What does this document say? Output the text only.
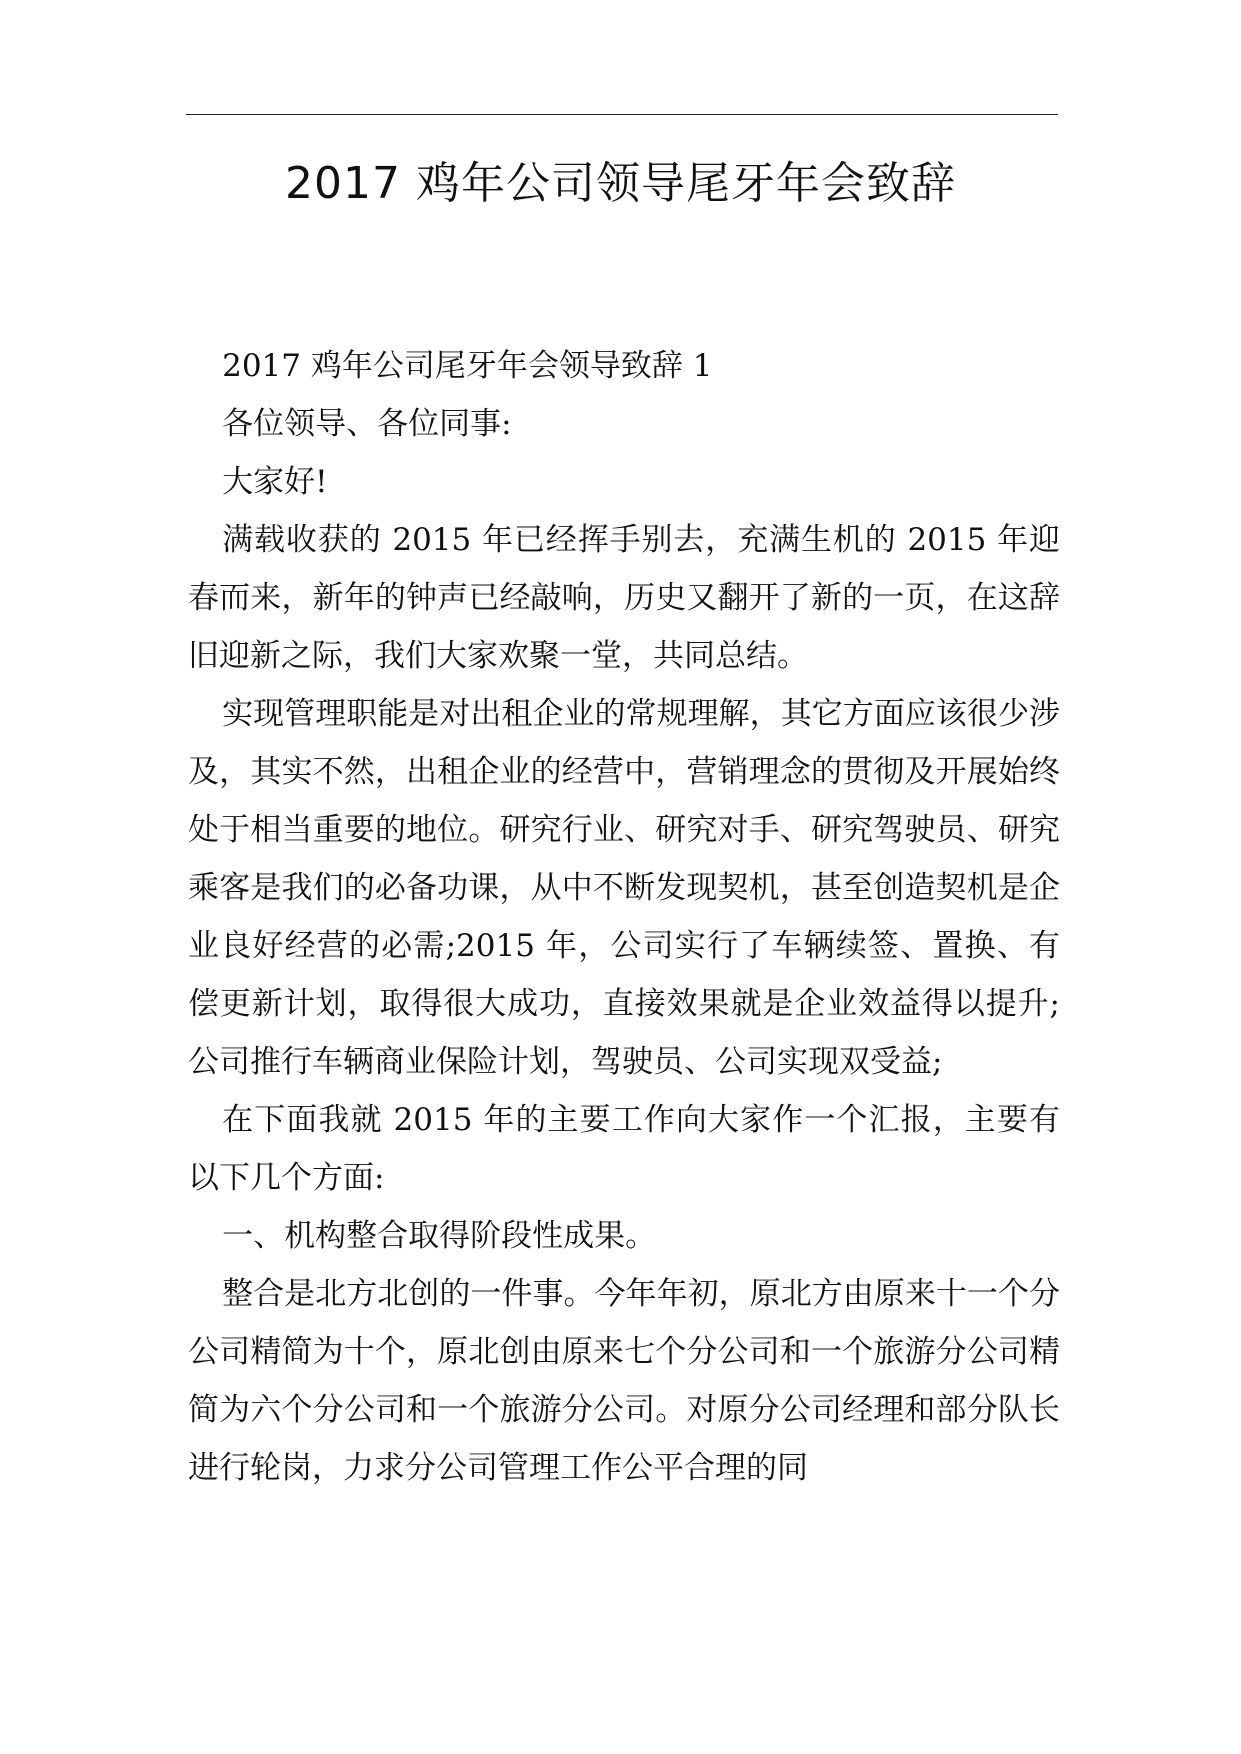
2017 鸡年公司领导尾牙年会致辞

2017 鸡年公司尾牙年会领导致辞 1

各位领导、各位同事:

大家好!

满载收获的 2015 年已经挥手别去，充满生机的 2015 年迎春而来，新年的钟声已经敲响，历史又翻开了新的一页，在这辞旧迎新之际，我们大家欢聚一堂，共同总结。

实现管理职能是对出租企业的常规理解，其它方面应该很少涉及，其实不然，出租企业的经营中，营销理念的贯彻及开展始终处于相当重要的地位。研究行业、研究对手、研究驾驶员、研究乘客是我们的必备功课，从中不断发现契机，甚至创造契机是企业良好经营的必需;2015 年，公司实行了车辆续签、置换、有偿更新计划，取得很大成功，直接效果就是企业效益得以提升;公司推行车辆商业保险计划，驾驶员、公司实现双受益;

在下面我就 2015 年的主要工作向大家作一个汇报，主要有以下几个方面:

一、机构整合取得阶段性成果。

整合是北方北创的一件事。今年年初，原北方由原来十一个分公司精简为十个，原北创由原来七个分公司和一个旅游分公司精简为六个分公司和一个旅游分公司。对原分公司经理和部分队长进行轮岗，力求分公司管理工作公平合理的同
